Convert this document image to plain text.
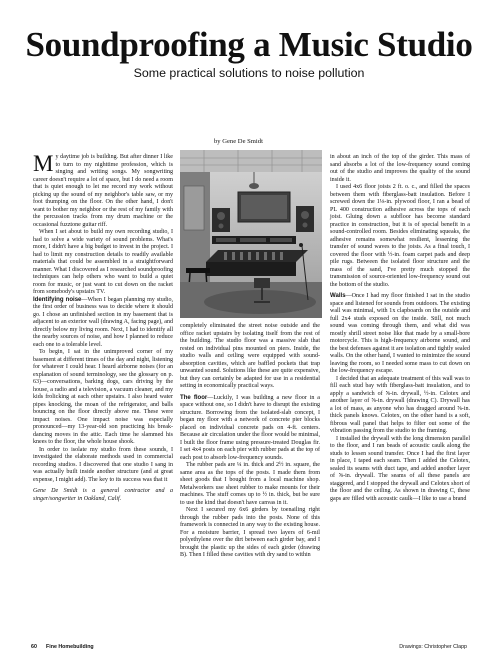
Soundproofing a Music Studio
Some practical solutions to noise pollution

My daytime job is building. But after dinner I like to turn to my nighttime profession, which is singing and writing songs. My songwriting career doesn't require a lot of space, but I do need a room that is quiet enough to let me record my work without picking up the sound of my neighbor's table saw, or my foot thumping on the floor. On the other hand, I don't want to bother my neighbor or the rest of my family with the percussion tracks from my drum machine or the occasional fuzztone guitar riff.

When I set about to build my own recording studio, I had to solve a wide variety of sound problems. What's more, I didn't have a big budget to invest in the project. I had to limit my construction details to readily available materials that could be assembled in a straightforward manner. What I discovered as I researched soundproofing techniques can help others who want to build a quiet room for music, or just want to cut down on the racket from somebody's upstairs TV.

Identifying noise—When I began planning my studio, the first order of business was to decide where it should go. I chose an unfinished section in my basement that is adjacent to an exterior wall (drawing A, facing page), and directly below my living room. Next, I had to identify all the nearby sources of noise, and how I planned to reduce each one to a tolerable level.

To begin, I sat in the unimproved corner of my basement at different times of the day and night, listening for whatever I could hear. I heard airborne noises (for an explanation of sound terminology, see the glossary on p. 63)—conversations, barking dogs, cars driving by the house, a radio and a television, a vacuum cleaner, and my kids frolicking at each other upstairs. I also heard water pipes knocking, the moan of the refrigerator, and balls bouncing on the floor directly above me. These were impact noises. One impact noise was especially pronounced—my 13-year-old son practicing his break-dancing moves in the attic. Each time he slammed his knees to the floor, the whole house shook.

In order to isolate my studio from these sounds, I investigated the elaborate methods used in commercial recording studios. I discovered that one studio I sang in was actually built inside another structure (and at great expense, I might add). The key to its success was that it

Gene De Smidt is a general contractor and a singer/songwriter in Oakland, Calif.

by Gene De Smidt

completely eliminated the street noise outside and the office racket upstairs by isolating itself from the rest of the building. The studio floor was a massive slab that rested on individual pins mounted on piers. Inside, the studio walls and ceiling were equipped with sound-absorption cavities, which are baffled pockets that trap unwanted sound. Solutions like these are quite expensive, but they can certainly be adapted for use in a residential setting in economically practical ways.

The floor—Luckily, I was building a new floor in a space without one, so I didn't have to disrupt the existing structure. Borrowing from the isolated-slab concept, I began my floor with a network of concrete pier blocks placed on individual concrete pads on 4-ft. centers. Because air circulation under the floor would be minimal, I built the floor frame using pressure-treated Douglas fir. I set 4x4 posts on each pier with rubber pads at the top of each post to absorb low-frequency sounds.

The rubber pads are ¼ in. thick and 2½ in. square, the same area as the tops of the posts. I made them from sheet goods that I bought from a local machine shop. Metalworkers use sheet rubber to make mounts for their machines. The stuff comes up to ½ in. thick, but be sure to use the kind that doesn't have canvas in it.

Next I secured my 6x6 girders by toenailing right through the rubber pads into the posts. None of this framework is connected in any way to the existing house. For a moisture barrier, I spread two layers of 6-mil polyethylene over the dirt between each girder bay, and I brought the plastic up the sides of each girder (drawing B). Then I filled these cavities with dry sand to within

in about an inch of the top of the girder. This mass of sand absorbs a lot of the low-frequency sound coming out of the studio and improves the quality of the sound inside it.

I used 4x6 floor joists 2 ft. o. c., and filled the spaces between them with fiberglass-batt insulation. Before I screwed down the 1⅛-in. plywood floor, I ran a bead of PL 400 construction adhesive across the tops of each joist. Gluing down a subfloor has become standard practice in construction, but it is of special benefit in a sound-controlled room. Besides eliminating squeaks, the adhesive remains somewhat resilient, lessening the transfer of sound waves to the joists. As a final touch, I covered the floor with ½-in. foam carpet pads and deep pile rugs. Between the isolated floor structure and the mass of the sand, I've pretty much stopped the transmission of source-oriented low-frequency sound out the bottom of the studio.

Walls—Once I had my floor finished I sat in the studio space and listened for sounds from outdoors. The existing wall was minimal, with 1x clapboards on the outside and full 2x4 studs exposed on the inside. Still, not much sound was coming through them, and what did was mostly shrill street noise like that made by a small-bore motorcycle. This is high-frequency airborne sound, and the best defenses against it are isolation and tightly sealed walls. On the other hand, I wanted to minimize the sound leaving the room, so I needed some mass to cut down on the low-frequency escape.

I decided that an adequate treatment of this wall was to fill each stud bay with fiberglass-batt insulation, and to apply a sandwich of ⅝-in. drywall, ½-in. Celotex and another layer of ⅝-in. drywall (drawing C). Drywall has a lot of mass, as anyone who has dragged around ⅝-in. thick panels knows. Celotex, on the other hand is a soft, fibrous wall panel that helps to filter out some of the vibration passing from the studio to the framing.

I installed the drywall with the long dimension parallel to the floor, and I ran beads of acoustic caulk along the studs to lessen sound transfer. Once I had the first layer in place, I taped each seam. Then I added the Celotex, sealed its seams with duct tape, and added another layer of ⅝-in. drywall. The seams of all these panels are staggered, and I stopped the drywall and Celotex short of the floor and the ceiling. As shown in drawing C, these gaps are filled with acoustic caulk—I like to use a brand

60 Fine Homebuilding	Drawings: Christopher Clapp
